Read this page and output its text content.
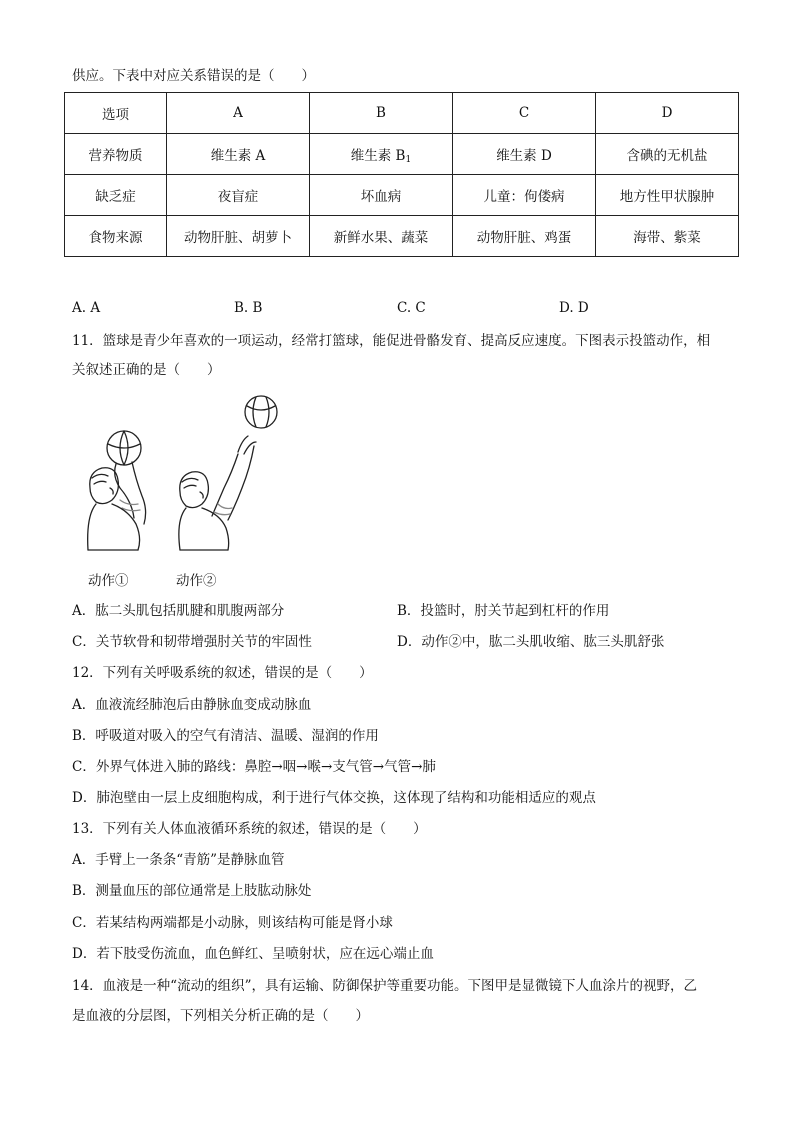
供应。下表中对应关系错误的是（　　）
选项	A	B	C	D
营养物质	维生素 A	维生素 $B_1$	维生素 D	含碘的无机盐
缺乏症	夜盲症	坏血病	儿童：佝偻病	地方性甲状腺肿
食物来源	动物肝脏、胡萝卜	新鲜水果、蔬菜	动物肝脏、鸡蛋	海带、紫菜
A. A	B. B	C. C	D. D
11．篮球是青少年喜欢的一项运动，经常打篮球，能促进骨骼发育、提高反应速度。下图表示投篮动作，相
关叙述正确的是（　　）
动作①	动作②
A．肱二头肌包括肌腱和肌腹两部分	B．投篮时，肘关节起到杠杆的作用
C．关节软骨和韧带增强肘关节的牢固性	D．动作②中，肱二头肌收缩、肱三头肌舒张
12．下列有关呼吸系统的叙述，错误的是（　　）
A．血液流经肺泡后由静脉血变成动脉血
B．呼吸道对吸入的空气有清洁、温暖、湿润的作用
C．外界气体进入肺的路线：鼻腔→咽→喉→支气管→气管→肺
D．肺泡壁由一层上皮细胞构成，利于进行气体交换，这体现了结构和功能相适应的观点
13．下列有关人体血液循环系统的叙述，错误的是（　　）
A．手臂上一条条“青筋”是静脉血管
B．测量血压的部位通常是上肢肱动脉处
C．若某结构两端都是小动脉，则该结构可能是肾小球
D．若下肢受伤流血，血色鲜红、呈喷射状，应在远心端止血
14．血液是一种“流动的组织”，具有运输、防御保护等重要功能。下图甲是显微镜下人血涂片的视野，乙
是血液的分层图，下列相关分析正确的是（　　）
